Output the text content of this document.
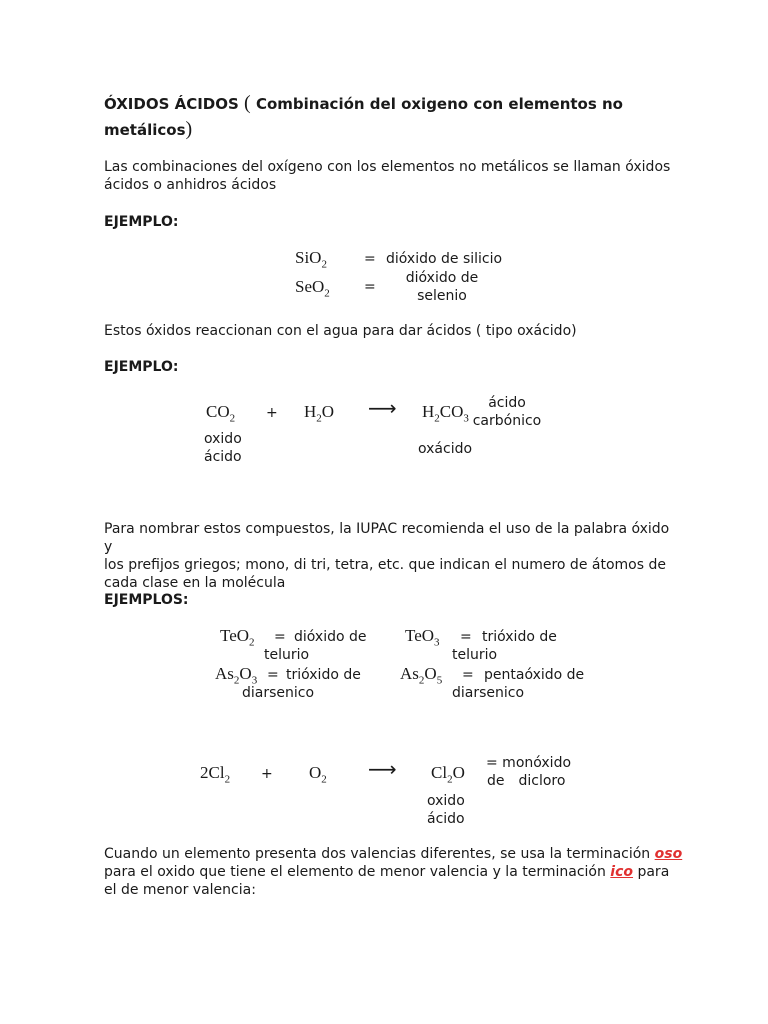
ÓXIDOS ÁCIDOS ( Combinación del oxigeno con elementos no
metálicos)
Las combinaciones del oxígeno con los elementos no metálicos se llaman óxidos
ácidos o anhidros ácidos
EJEMPLO:
SiO$_2$	= dióxido de silicio
SeO$_2$ =
dióxido de
selenio
Estos óxidos reaccionan con el agua para dar ácidos ( tipo oxácido)
EJEMPLO:
$CO_2 + H_2O$ ⟶ $H_2CO_3$
ácido
carbónico
oxido
ácido	oxácido
Para nombrar estos compuestos, la IUPAC recomienda el uso de la palabra óxido y
los prefijos griegos; mono, di tri, tetra, etc. que indican el numero de átomos de
cada clase en la molécula
EJEMPLOS:
TeO$_2$ = dióxido de
telurio
TeO$_3$ = trióxido de
telurio
$As_2O_3$ = trióxido de
diarsenico
$As_2O_5$ = pentaóxido de
diarsenico
$2Cl_2 + O_2$ ⟶ $Cl_2O$ = monóxido
de dicloro
oxido
ácido
Cuando un elemento presenta dos valencias diferentes, se usa la terminación oso
para el oxido que tiene el elemento de menor valencia y la terminación ico para
el de menor valencia:
